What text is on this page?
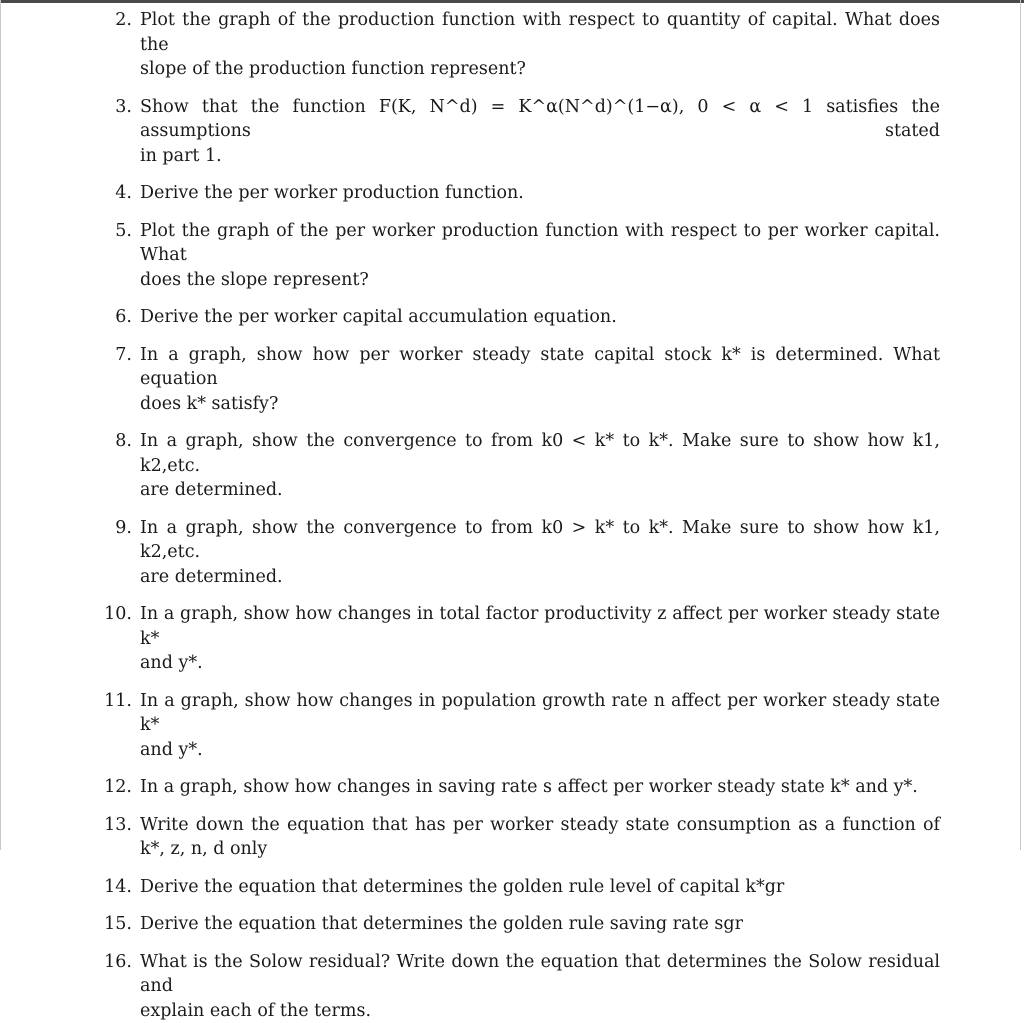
2. Plot the graph of the production function with respect to quantity of capital. What does the
slope of the production function represent?
3. Show that the function F(K, N^d) = K^α(N^d)^(1−α), 0 < α < 1 satisfies the assumptions stated
in part 1.
4. Derive the per worker production function.
5. Plot the graph of the per worker production function with respect to per worker capital. What
does the slope represent?
6. Derive the per worker capital accumulation equation.
7. In a graph, show how per worker steady state capital stock k* is determined. What equation
does k* satisfy?
8. In a graph, show the convergence to from k0 < k* to k*. Make sure to show how k1, k2,etc.
are determined.
9. In a graph, show the convergence to from k0 > k* to k*. Make sure to show how k1, k2,etc.
are determined.
10. In a graph, show how changes in total factor productivity z affect per worker steady state k*
and y*.
11. In a graph, show how changes in population growth rate n affect per worker steady state k*
and y*.
12. In a graph, show how changes in saving rate s affect per worker steady state k* and y*.
13. Write down the equation that has per worker steady state consumption as a function of
k*, z, n, d only
14. Derive the equation that determines the golden rule level of capital k*gr
15. Derive the equation that determines the golden rule saving rate sgr
16. What is the Solow residual? Write down the equation that determines the Solow residual and
explain each of the terms.
